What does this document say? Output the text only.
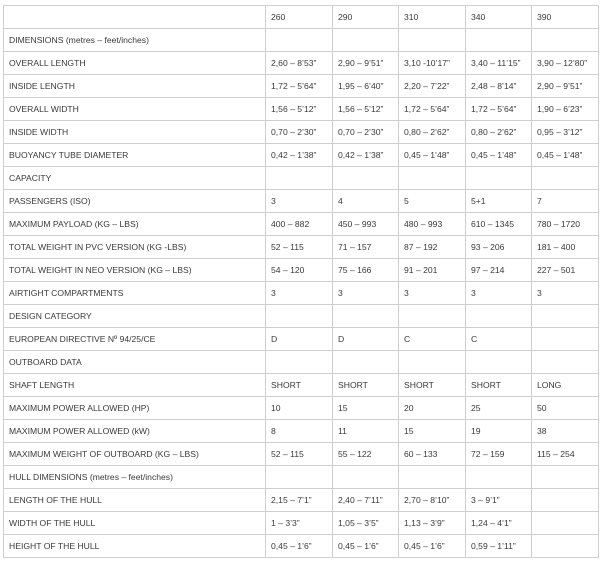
	260	290	310	340	390
DIMENSIONS (metres – feet/inches)					
OVERALL LENGTH	2,60 – 8’53”	2,90 – 9’51”	3,10 -10’17”	3,40 – 11’15”	3,90 – 12’80”
INSIDE LENGTH	1,72 – 5’64”	1,95 – 6’40”	2,20 – 7’22”	2,48 – 8’14”	2,90 – 9’51”
OVERALL WIDTH	1,56 – 5’12”	1,56 – 5’12”	1,72 – 5’64”	1,72 – 5’64”	1,90 – 6’23”
INSIDE WIDTH	0,70 – 2’30”	0,70 – 2’30”	0,80 – 2’62”	0,80 – 2’62”	0,95 – 3’12”
BUOYANCY TUBE DIAMETER	0,42 – 1’38”	0,42 – 1’38”	0,45 – 1’48”	0,45 – 1’48”	0,45 – 1’48”
CAPACITY					
PASSENGERS (ISO)	3	4	5	5+1	7
MAXIMUM PAYLOAD (KG – LBS)	400 – 882	450 – 993	480 – 993	610 – 1345	780 – 1720
TOTAL WEIGHT IN PVC VERSION (KG -LBS)	52 – 115	71 – 157	87 – 192	93 – 206	181 – 400
TOTAL WEIGHT IN NEO VERSION (KG – LBS)	54 – 120	75 – 166	91 – 201	97 – 214	227 – 501
AIRTIGHT COMPARTMENTS	3	3	3	3	3
DESIGN CATEGORY					
EUROPEAN DIRECTIVE Nº 94/25/CE	D	D	C	C	
OUTBOARD DATA					
SHAFT LENGTH	SHORT	SHORT	SHORT	SHORT	LONG
MAXIMUM POWER ALLOWED (HP)	10	15	20	25	50
MAXIMUM POWER ALLOWED (kW)	8	11	15	19	38
MAXIMUM WEIGHT OF OUTBOARD (KG – LBS)	52 – 115	55 – 122	60 – 133	72 – 159	115 – 254
HULL DIMENSIONS (metres – feet/inches)					
LENGTH OF THE HULL	2,15 – 7’1”	2,40 – 7’11”	2,70 – 8’10”	3 – 9’1”	
WIDTH OF THE HULL	1 – 3’3”	1,05 – 3’5”	1,13 – 3’9”	1,24 – 4’1”	
HEIGHT OF THE HULL	0,45 – 1’6”	0,45 – 1’6”	0,45 – 1’6”	0,59 – 1’11”	
